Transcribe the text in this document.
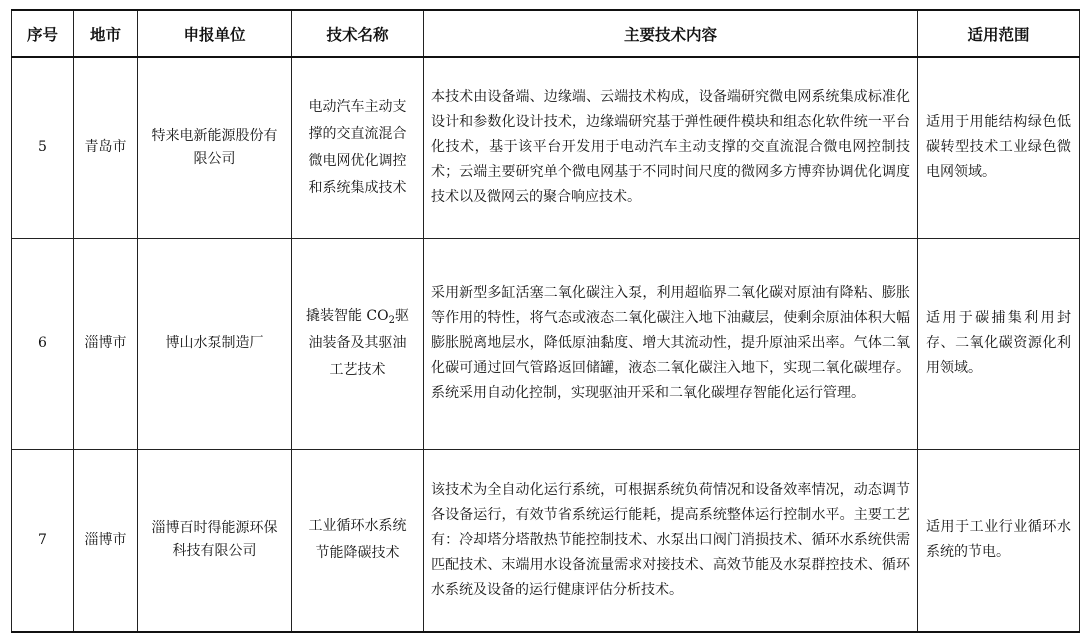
序号	地市	申报单位	技术名称	主要技术内容	适用范围
5	青岛市	特来电新能源股份有限公司	电动汽车主动支撑的交直流混合微电网优化调控和系统集成技术	本技术由设备端、边缘端、云端技术构成，设备端研究微电网系统集成标准化设计和参数化设计技术，边缘端研究基于弹性硬件模块和组态化软件统一平台化技术，基于该平台开发用于电动汽车主动支撑的交直流混合微电网控制技术；云端主要研究单个微电网基于不同时间尺度的微网多方博弈协调优化调度技术以及微网云的聚合响应技术。	适用于用能结构绿色低碳转型技术工业绿色微电网领域。
6	淄博市	博山水泵制造厂	撬装智能 $CO_2$驱油装备及其驱油工艺技术	采用新型多缸活塞二氧化碳注入泵，利用超临界二氧化碳对原油有降粘、膨胀等作用的特性，将气态或液态二氧化碳注入地下油藏层，使剩余原油体积大幅膨胀脱离地层水，降低原油黏度、增大其流动性，提升原油采出率。气体二氧化碳可通过回气管路返回储罐，液态二氧化碳注入地下，实现二氧化碳埋存。系统采用自动化控制，实现驱油开采和二氧化碳埋存智能化运行管理。	适用于碳捕集利用封存、二氧化碳资源化利用领域。
7	淄博市	淄博百时得能源环保科技有限公司	工业循环水系统节能降碳技术	该技术为全自动化运行系统，可根据系统负荷情况和设备效率情况，动态调节各设备运行，有效节省系统运行能耗，提高系统整体运行控制水平。主要工艺有：冷却塔分塔散热节能控制技术、水泵出口阀门消损技术、循环水系统供需匹配技术、末端用水设备流量需求对接技术、高效节能及水泵群控技术、循环水系统及设备的运行健康评估分析技术。	适用于工业行业循环水系统的节电。
